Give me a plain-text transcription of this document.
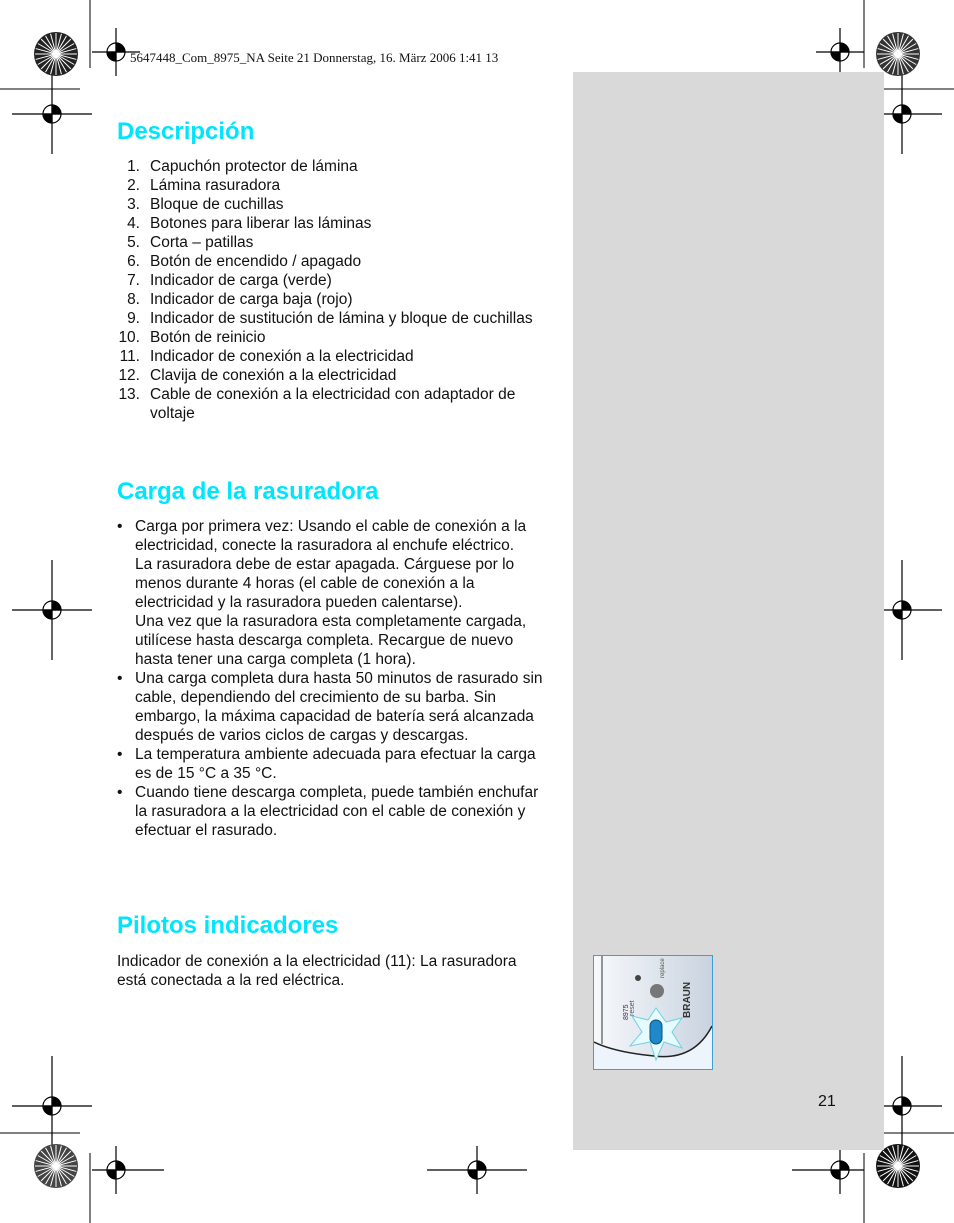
5647448_Com_8975_NA Seite 21 Donnerstag, 16. März 2006 1:41 13
Descripción
1. Capuchón protector de lámina
2. Lámina rasuradora
3. Bloque de cuchillas
4. Botones para liberar las láminas
5. Corta – patillas
6. Botón de encendido / apagado
7. Indicador de carga (verde)
8. Indicador de carga baja (rojo)
9. Indicador de sustitución de lámina y bloque de cuchillas
10. Botón de reinicio
11. Indicador de conexión a la electricidad
12. Clavija de conexión a la electricidad
13. Cable de conexión a la electricidad con adaptador de voltaje
Carga de la rasuradora
• Carga por primera vez: Usando el cable de conexión a la electricidad, conecte la rasuradora al enchufe eléctrico.

La rasuradora debe de estar apagada. Cárguese por lo menos durante 4 horas (el cable de conexión a la electricidad y la rasuradora pueden calentarse).

Una vez que la rasuradora esta completamente cargada, utilícese hasta descarga completa. Recargue de nuevo hasta tener una carga completa (1 hora).

• Una carga completa dura hasta 50 minutos de rasurado sin cable, dependiendo del crecimiento de su barba. Sin embargo, la máxima capacidad de batería será alcanzada después de varios ciclos de cargas y descargas.

• La temperatura ambiente adecuada para efectuar la carga es de 15 °C a 35 °C.

• Cuando tiene descarga completa, puede también enchufar la rasuradora a la electricidad con el cable de conexión y efectuar el rasurado.

Pilotos indicadores

Indicador de conexión a la electricidad (11): La rasuradora está conectada a la red eléctrica.

reset
replace
8975	BRAUN
21
